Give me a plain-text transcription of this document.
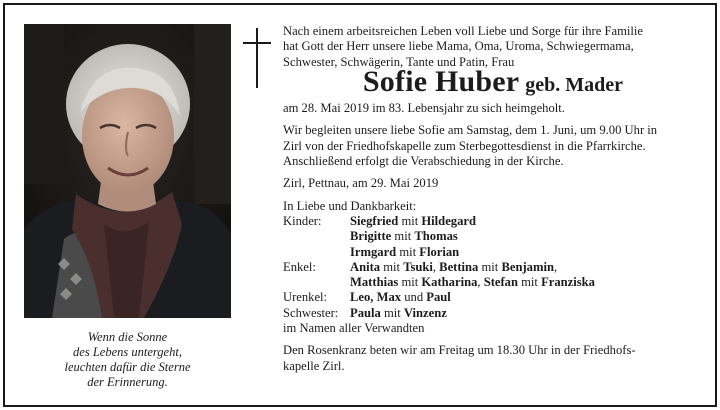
Wenn die Sonne
des Lebens untergeht,
leuchten dafür die Sterne
der Erinnerung.

Nach einem arbeitsreichen Leben voll Liebe und Sorge für ihre Familie

hat Gott der Herr unsere liebe Mama, Oma, Uroma, Schwiegermama,

Schwester, Schwägerin, Tante und Patin, Frau

Sofie Huber geb. Mader

am 28. Mai 2019 im 83. Lebensjahr zu sich heimgeholt.

Wir begleiten unsere liebe Sofie am Samstag, dem 1. Juni, um 9.00 Uhr in

Zirl von der Friedhofskapelle zum Sterbegottesdienst in die Pfarrkirche.

Anschließend erfolgt die Verabschiedung in der Kirche.

Zirl, Pettnau, am 29. Mai 2019

In Liebe und Dankbarkeit:

Kinder:	Siegfried mit Hildegard
Brigitte mit Thomas
Irmgard mit Florian
Enkel:	Anita mit Tsuki, Bettina mit Benjamin,
Matthias mit Katharina, Stefan mit Franziska
Urenkel:	Leo, Max und Paul
Schwester: Paula mit Vinzenz

im Namen aller Verwandten

Den Rosenkranz beten wir am Freitag um 18.30 Uhr in der Friedhofs-

kapelle Zirl.
